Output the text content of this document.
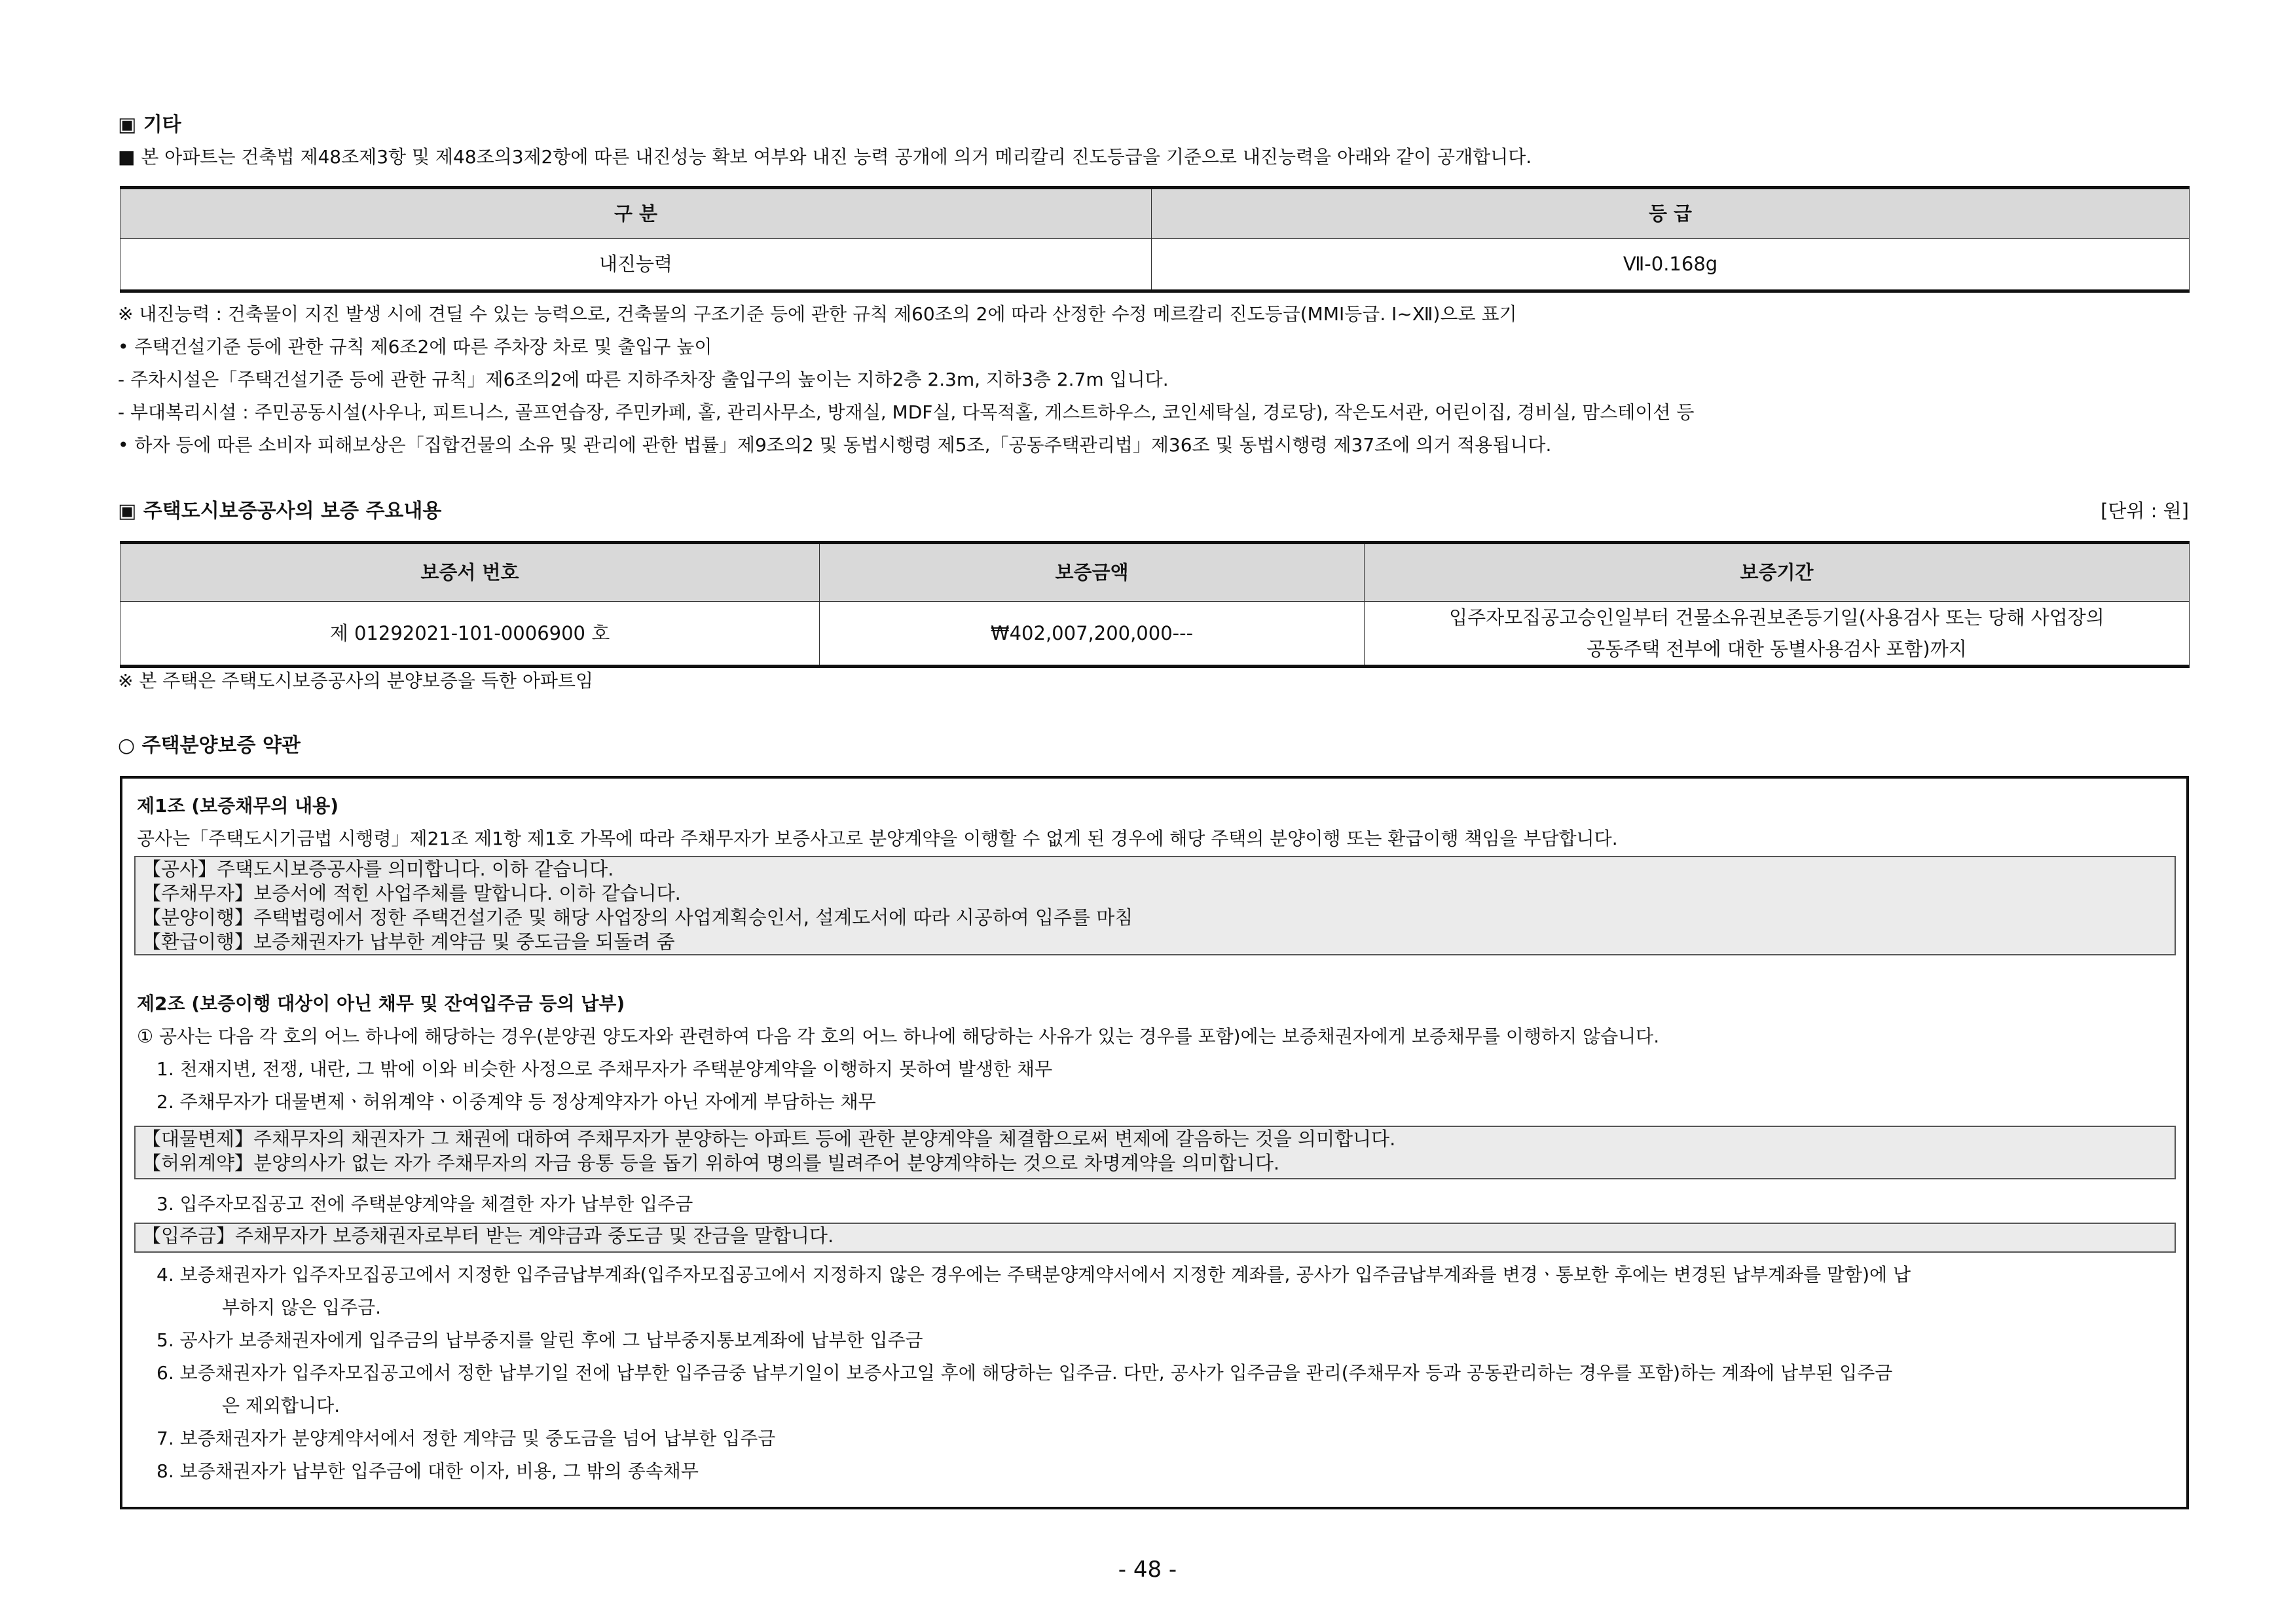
▣ 기타
■ 본 아파트는 건축법 제48조제3항 및 제48조의3제2항에 따른 내진성능 확보 여부와 내진 능력 공개에 의거 메리칼리 진도등급을 기준으로 내진능력을 아래와 같이 공개합니다.
구 분	등 급
내진능력	Ⅶ-0.168g
※ 내진능력 : 건축물이 지진 발생 시에 견딜 수 있는 능력으로, 건축물의 구조기준 등에 관한 규칙 제60조의 2에 따라 산정한 수정 메르칼리 진도등급(MMI등급. Ⅰ~Ⅻ)으로 표기
• 주택건설기준 등에 관한 규칙 제6조2에 따른 주차장 차로 및 출입구 높이
- 주차시설은「주택건설기준 등에 관한 규칙」제6조의2에 따른 지하주차장 출입구의 높이는 지하2층 2.3m, 지하3층 2.7m 입니다.
- 부대복리시설 : 주민공동시설(사우나, 피트니스, 골프연습장, 주민카페, 홀, 관리사무소, 방재실, MDF실, 다목적홀, 게스트하우스, 코인세탁실, 경로당), 작은도서관, 어린이집, 경비실, 맘스테이션 등
• 하자 등에 따른 소비자 피해보상은「집합건물의 소유 및 관리에 관한 법률」제9조의2 및 동법시행령 제5조,「공동주택관리법」제36조 및 동법시행령 제37조에 의거 적용됩니다.
▣ 주택도시보증공사의 보증 주요내용	[단위 : 원]
보증서 번호	보증금액	보증기간
제 01292021-101-0006900 호	₩402,007,200,000---	입주자모집공고승인일부터 건물소유권보존등기일(사용검사 또는 당해 사업장의
공동주택 전부에 대한 동별사용검사 포함)까지
※ 본 주택은 주택도시보증공사의 분양보증을 득한 아파트임
○ 주택분양보증 약관
제1조 (보증채무의 내용)
공사는「주택도시기금법 시행령」제21조 제1항 제1호 가목에 따라 주채무자가 보증사고로 분양계약을 이행할 수 없게 된 경우에 해당 주택의 분양이행 또는 환급이행 책임을 부담합니다.
【공사】주택도시보증공사를 의미합니다. 이하 같습니다.
【주채무자】보증서에 적힌 사업주체를 말합니다. 이하 같습니다.
【분양이행】주택법령에서 정한 주택건설기준 및 해당 사업장의 사업계획승인서, 설계도서에 따라 시공하여 입주를 마침
【환급이행】보증채권자가 납부한 계약금 및 중도금을 되돌려 줌
제2조 (보증이행 대상이 아닌 채무 및 잔여입주금 등의 납부)
① 공사는 다음 각 호의 어느 하나에 해당하는 경우(분양권 양도자와 관련하여 다음 각 호의 어느 하나에 해당하는 사유가 있는 경우를 포함)에는 보증채권자에게 보증채무를 이행하지 않습니다.
1. 천재지변, 전쟁, 내란, 그 밖에 이와 비슷한 사정으로 주채무자가 주택분양계약을 이행하지 못하여 발생한 채무
2. 주채무자가 대물변제ㆍ허위계약ㆍ이중계약 등 정상계약자가 아닌 자에게 부담하는 채무
【대물변제】주채무자의 채권자가 그 채권에 대하여 주채무자가 분양하는 아파트 등에 관한 분양계약을 체결함으로써 변제에 갈음하는 것을 의미합니다.
【허위계약】분양의사가 없는 자가 주채무자의 자금 융통 등을 돕기 위하여 명의를 빌려주어 분양계약하는 것으로 차명계약을 의미합니다.
3. 입주자모집공고 전에 주택분양계약을 체결한 자가 납부한 입주금
【입주금】주채무자가 보증채권자로부터 받는 계약금과 중도금 및 잔금을 말합니다.
4. 보증채권자가 입주자모집공고에서 지정한 입주금납부계좌(입주자모집공고에서 지정하지 않은 경우에는 주택분양계약서에서 지정한 계좌를, 공사가 입주금납부계좌를 변경ㆍ통보한 후에는 변경된 납부계좌를 말함)에 납
부하지 않은 입주금.
5. 공사가 보증채권자에게 입주금의 납부중지를 알린 후에 그 납부중지통보계좌에 납부한 입주금
6. 보증채권자가 입주자모집공고에서 정한 납부기일 전에 납부한 입주금중 납부기일이 보증사고일 후에 해당하는 입주금. 다만, 공사가 입주금을 관리(주채무자 등과 공동관리하는 경우를 포함)하는 계좌에 납부된 입주금
은 제외합니다.
7. 보증채권자가 분양계약서에서 정한 계약금 및 중도금을 넘어 납부한 입주금
8. 보증채권자가 납부한 입주금에 대한 이자, 비용, 그 밖의 종속채무
- 48 -
